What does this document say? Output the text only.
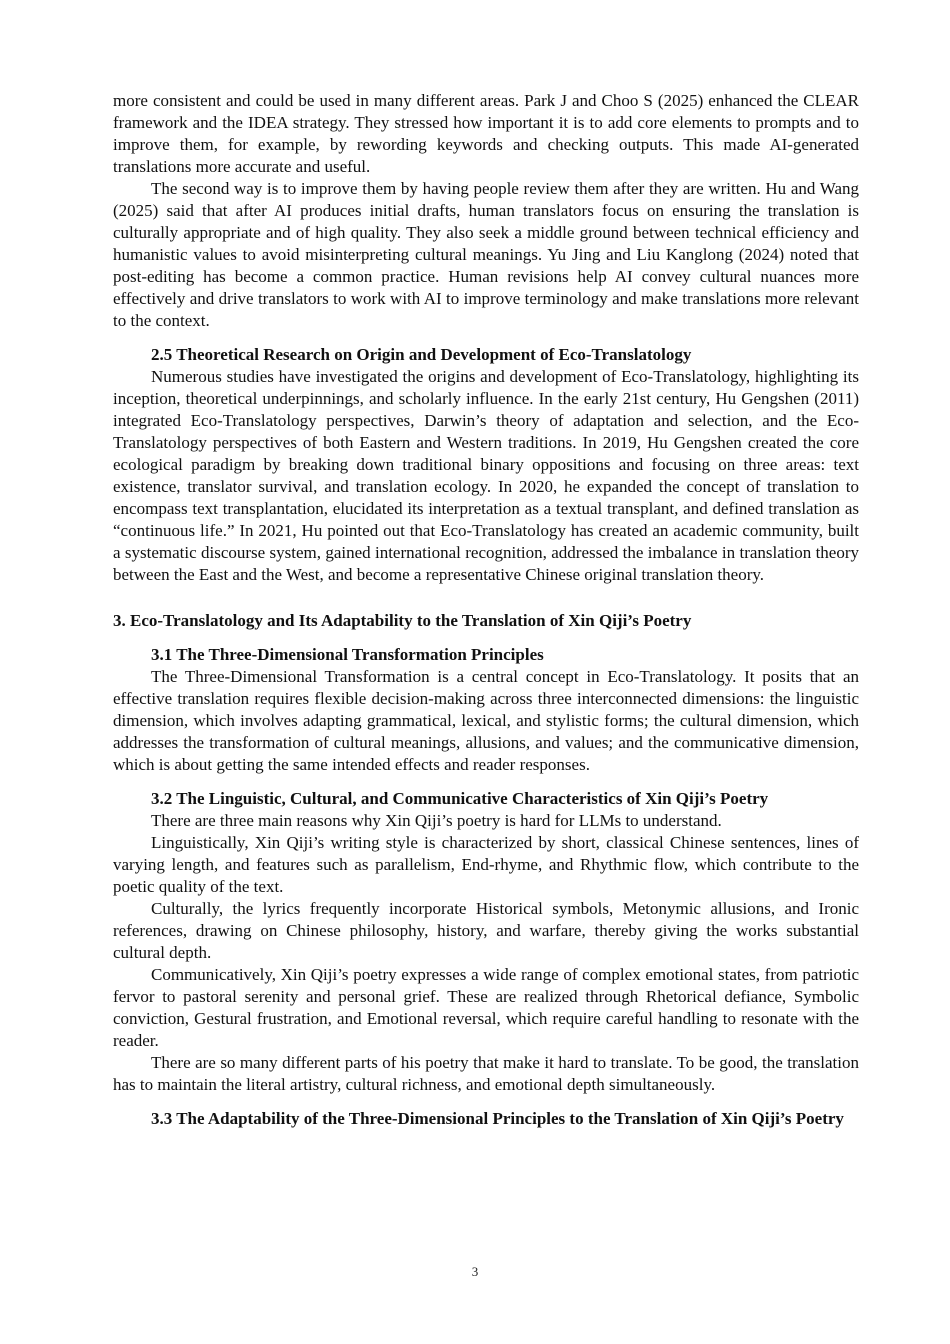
more consistent and could be used in many different areas. Park J and Choo S (2025) enhanced the CLEAR framework and the IDEA strategy. They stressed how important it is to add core elements to prompts and to improve them, for example, by rewording keywords and checking outputs. This made AI-generated translations more accurate and useful.

The second way is to improve them by having people review them after they are written. Hu and Wang (2025) said that after AI produces initial drafts, human translators focus on ensuring the translation is culturally appropriate and of high quality. They also seek a middle ground between technical efficiency and humanistic values to avoid misinterpreting cultural meanings. Yu Jing and Liu Kanglong (2024) noted that post-editing has become a common practice. Human revisions help AI convey cultural nuances more effectively and drive translators to work with AI to improve terminology and make translations more relevant to the context.

2.5 Theoretical Research on Origin and Development of Eco-Translatology

Numerous studies have investigated the origins and development of Eco-Translatology, highlighting its inception, theoretical underpinnings, and scholarly influence. In the early 21st century, Hu Gengshen (2011) integrated Eco-Translatology perspectives, Darwin’s theory of adaptation and selection, and the Eco-Translatology perspectives of both Eastern and Western traditions. In 2019, Hu Gengshen created the core ecological paradigm by breaking down traditional binary oppositions and focusing on three areas: text existence, translator survival, and translation ecology. In 2020, he expanded the concept of translation to encompass text transplantation, elucidated its interpretation as a textual transplant, and defined translation as “continuous life.” In 2021, Hu pointed out that Eco-Translatology has created an academic community, built a systematic discourse system, gained international recognition, addressed the imbalance in translation theory between the East and the West, and become a representative Chinese original translation theory.

3. Eco-Translatology and Its Adaptability to the Translation of Xin Qiji’s Poetry

3.1 The Three-Dimensional Transformation Principles

The Three-Dimensional Transformation is a central concept in Eco-Translatology. It posits that an effective translation requires flexible decision-making across three interconnected dimensions: the linguistic dimension, which involves adapting grammatical, lexical, and stylistic forms; the cultural dimension, which addresses the transformation of cultural meanings, allusions, and values; and the communicative dimension, which is about getting the same intended effects and reader responses.

3.2 The Linguistic, Cultural, and Communicative Characteristics of Xin Qiji’s Poetry

There are three main reasons why Xin Qiji’s poetry is hard for LLMs to understand.

Linguistically, Xin Qiji’s writing style is characterized by short, classical Chinese sentences, lines of varying length, and features such as parallelism, End-rhyme, and Rhythmic flow, which contribute to the poetic quality of the text.

Culturally, the lyrics frequently incorporate Historical symbols, Metonymic allusions, and Ironic references, drawing on Chinese philosophy, history, and warfare, thereby giving the works substantial cultural depth.

Communicatively, Xin Qiji’s poetry expresses a wide range of complex emotional states, from patriotic fervor to pastoral serenity and personal grief. These are realized through Rhetorical defiance, Symbolic conviction, Gestural frustration, and Emotional reversal, which require careful handling to resonate with the reader.

There are so many different parts of his poetry that make it hard to translate. To be good, the translation has to maintain the literal artistry, cultural richness, and emotional depth simultaneously.

3.3 The Adaptability of the Three-Dimensional Principles to the Translation of Xin Qiji’s Poetry

3
